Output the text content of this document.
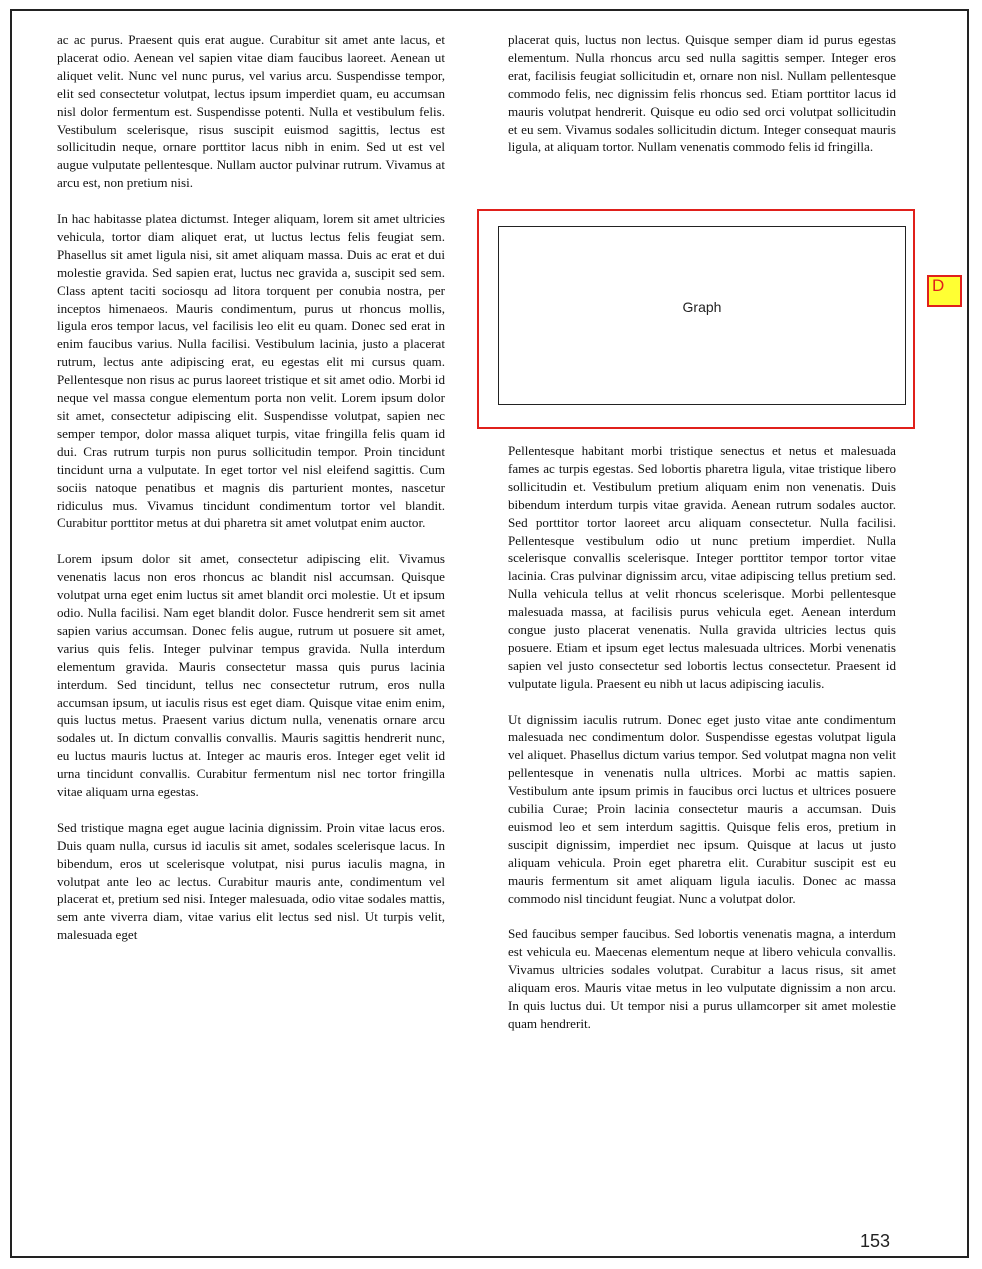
ac ac purus. Praesent quis erat augue. Curabitur sit amet ante lacus, et placerat odio. Aenean vel sapien vitae diam faucibus laoreet. Aenean ut aliquet velit. Nunc vel nunc purus, vel varius arcu. Suspendisse tempor, elit sed consectetur volutpat, lectus ipsum imperdiet quam, eu accumsan nisl dolor fermentum est. Suspendisse potenti. Nulla et vestibulum felis. Vestibulum scelerisque, risus suscipit euismod sagittis, lectus est sollicitudin neque, ornare porttitor lacus nibh in enim. Sed ut est vel augue vulputate pellentesque. Nullam auctor pulvinar rutrum. Vivamus at arcu est, non pretium nisi.

In hac habitasse platea dictumst. Integer aliquam, lorem sit amet ultricies vehicula, tortor diam aliquet erat, ut luctus lectus felis feugiat sem. Phasellus sit amet ligula nisi, sit amet aliquam massa. Duis ac erat et dui molestie gravida. Sed sapien erat, luctus nec gravida a, suscipit sed sem. Class aptent taciti sociosqu ad litora torquent per conubia nostra, per inceptos himenaeos. Mauris condimentum, purus ut rhoncus mollis, ligula eros tempor lacus, vel facilisis leo elit eu quam. Donec sed erat in enim faucibus varius. Nulla facilisi. Vestibulum lacinia, justo a placerat rutrum, lectus ante adipiscing erat, eu egestas elit mi cursus quam. Pellentesque non risus ac purus laoreet tristique et sit amet odio. Morbi id neque vel massa congue elementum porta non velit. Lorem ipsum dolor sit amet, consectetur adipiscing elit. Suspendisse volutpat, sapien nec semper tempor, dolor massa aliquet turpis, vitae fringilla felis quam id dui. Cras rutrum turpis non purus sollicitudin tempor. Proin tincidunt tincidunt urna a vulputate. In eget tortor vel nisl eleifend sagittis. Cum sociis natoque penatibus et magnis dis parturient montes, nascetur ridiculus mus. Vivamus tincidunt condimentum tortor vel blandit. Curabitur porttitor metus at dui pharetra sit amet volutpat enim auctor.

Lorem ipsum dolor sit amet, consectetur adipiscing elit. Vivamus venenatis lacus non eros rhoncus ac blandit nisl accumsan. Quisque volutpat urna eget enim luctus sit amet blandit orci molestie. Ut et ipsum odio. Nulla facilisi. Nam eget blandit dolor. Fusce hendrerit sem sit amet sapien varius accumsan. Donec felis augue, rutrum ut posuere sit amet, varius quis felis. Integer pulvinar tempus gravida. Nulla interdum elementum gravida. Mauris consectetur massa quis purus lacinia interdum. Sed tincidunt, tellus nec consectetur rutrum, eros nulla accumsan ipsum, ut iaculis risus est eget diam. Quisque vitae enim enim, quis luctus metus. Praesent varius dictum nulla, venenatis ornare arcu sodales ut. In dictum convallis convallis. Mauris sagittis hendrerit nunc, eu luctus mauris luctus at. Integer ac mauris eros. Integer eget velit id urna tincidunt convallis. Curabitur fermentum nisl nec tortor fringilla vitae aliquam urna egestas.

Sed tristique magna eget augue lacinia dignissim. Proin vitae lacus eros. Duis quam nulla, cursus id iaculis sit amet, sodales scelerisque lacus. In bibendum, eros ut scelerisque volutpat, nisi purus iaculis magna, in volutpat ante leo ac lectus. Curabitur mauris ante, condimentum vel placerat et, pretium sed nisi. Integer malesuada, odio vitae sodales mattis, sem ante viverra diam, vitae varius elit lectus sed nisl. Ut turpis velit, malesuada eget

placerat quis, luctus non lectus. Quisque semper diam id purus egestas elementum. Nulla rhoncus arcu sed nulla sagittis semper. Integer eros erat, facilisis feugiat sollicitudin et, ornare non nisl. Nullam pellentesque commodo felis, nec dignissim felis rhoncus sed. Etiam porttitor lacus id mauris volutpat hendrerit. Quisque eu odio sed orci volutpat sollicitudin et eu sem. Vivamus sodales sollicitudin dictum. Integer consequat mauris ligula, at aliquam tortor. Nullam venenatis commodo felis id fringilla.

Graph
D

Pellentesque habitant morbi tristique senectus et netus et malesuada fames ac turpis egestas. Sed lobortis pharetra ligula, vitae tristique libero sollicitudin et. Vestibulum pretium aliquam enim non venenatis. Duis bibendum interdum turpis vitae gravida. Aenean rutrum sodales auctor. Sed porttitor tortor laoreet arcu aliquam consectetur. Nulla facilisi. Pellentesque vestibulum odio ut nunc pretium imperdiet. Nulla scelerisque convallis scelerisque. Integer porttitor tempor tortor vitae lacinia. Cras pulvinar dignissim arcu, vitae adipiscing tellus pretium sed. Nulla vehicula tellus at velit rhoncus scelerisque. Morbi pellentesque malesuada massa, at facilisis purus vehicula eget. Aenean interdum congue justo placerat venenatis. Nulla gravida ultricies lectus quis posuere. Etiam et ipsum eget lectus malesuada ultrices. Morbi venenatis sapien vel justo consectetur sed lobortis lectus consectetur. Praesent id vulputate ligula. Praesent eu nibh ut lacus adipiscing iaculis.

Ut dignissim iaculis rutrum. Donec eget justo vitae ante condimentum malesuada nec condimentum dolor. Suspendisse egestas volutpat ligula vel aliquet. Phasellus dictum varius tempor. Sed volutpat magna non velit pellentesque in venenatis nulla ultrices. Morbi ac mattis sapien. Vestibulum ante ipsum primis in faucibus orci luctus et ultrices posuere cubilia Curae; Proin lacinia consectetur mauris a accumsan. Duis euismod leo et sem interdum sagittis. Quisque felis eros, pretium in suscipit dignissim, imperdiet nec ipsum. Quisque at lacus ut justo aliquam vehicula. Proin eget pharetra elit. Curabitur suscipit est eu mauris fermentum sit amet aliquam ligula iaculis. Donec ac massa commodo nisl tincidunt feugiat. Nunc a volutpat dolor.

Sed faucibus semper faucibus. Sed lobortis venenatis magna, a interdum est vehicula eu. Maecenas elementum neque at libero vehicula convallis. Vivamus ultricies sodales volutpat. Curabitur a lacus risus, sit amet aliquam eros. Mauris vitae metus in leo vulputate dignissim a non arcu. In quis luctus dui. Ut tempor nisi a purus ullamcorper sit amet molestie quam hendrerit.

153
